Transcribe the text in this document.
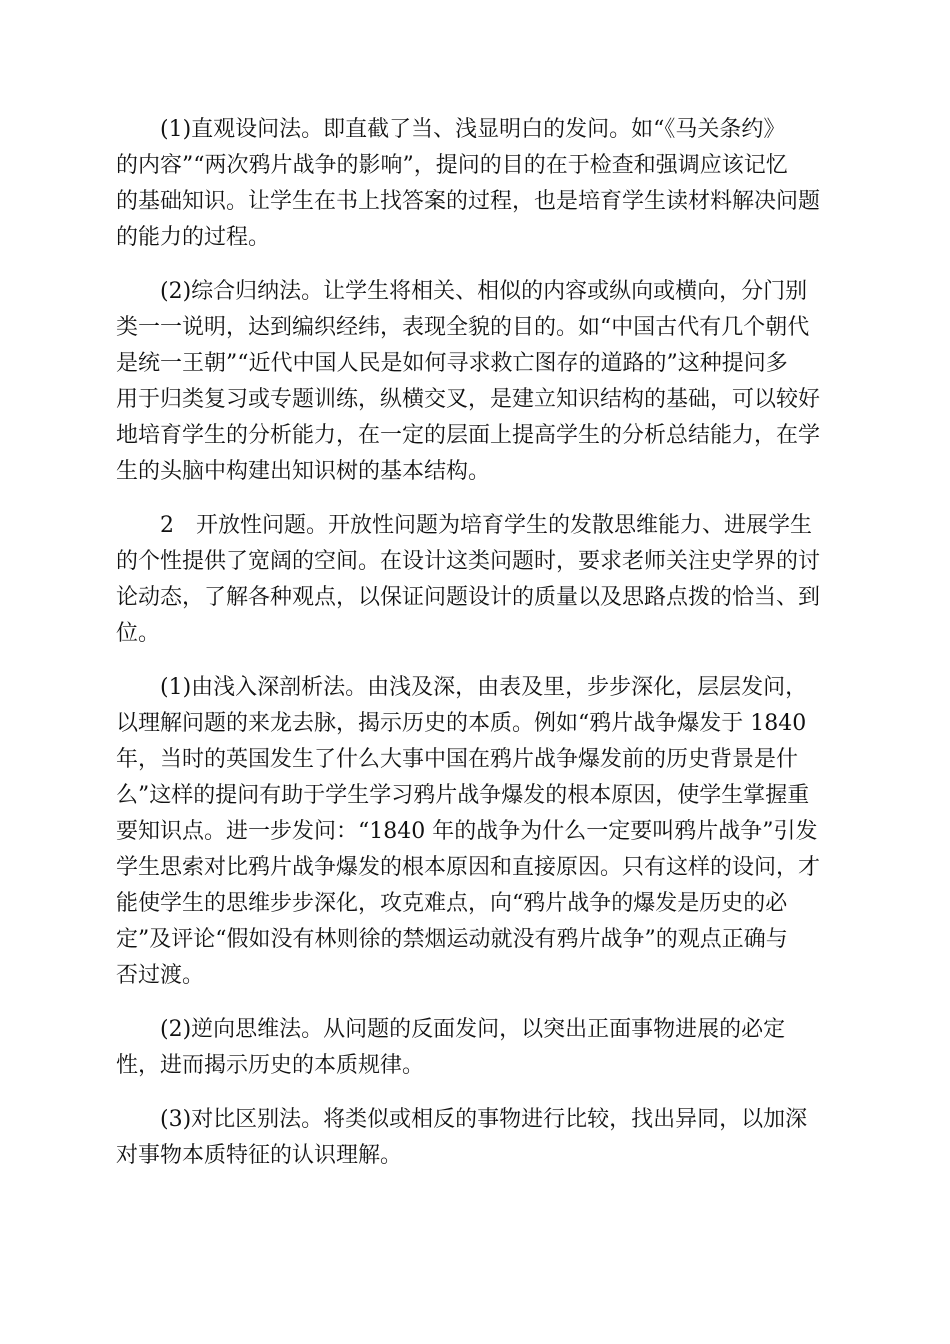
(1)直观设问法。即直截了当、浅显明白的发问。如“《马关条约》
的内容”“两次鸦片战争的影响”，提问的目的在于检查和强调应该记忆
的基础知识。让学生在书上找答案的过程，也是培育学生读材料解决问题
的能力的过程。
(2)综合归纳法。让学生将相关、相似的内容或纵向或横向，分门别
类一一说明，达到编织经纬，表现全貌的目的。如“中国古代有几个朝代
是统一王朝”“近代中国人民是如何寻求救亡图存的道路的”这种提问多
用于归类复习或专题训练，纵横交叉，是建立知识结构的基础，可以较好
地培育学生的分析能力，在一定的层面上提高学生的分析总结能力，在学
生的头脑中构建出知识树的基本结构。
2　开放性问题。开放性问题为培育学生的发散思维能力、进展学生
的个性提供了宽阔的空间。在设计这类问题时，要求老师关注史学界的讨
论动态，了解各种观点，以保证问题设计的质量以及思路点拨的恰当、到
位。
(1)由浅入深剖析法。由浅及深，由表及里，步步深化，层层发问，
以理解问题的来龙去脉，揭示历史的本质。例如“鸦片战争爆发于 1840
年，当时的英国发生了什么大事中国在鸦片战争爆发前的历史背景是什
么”这样的提问有助于学生学习鸦片战争爆发的根本原因，使学生掌握重
要知识点。进一步发问：“1840 年的战争为什么一定要叫鸦片战争”引发
学生思索对比鸦片战争爆发的根本原因和直接原因。只有这样的设问，才
能使学生的思维步步深化，攻克难点，向“鸦片战争的爆发是历史的必
定”及评论“假如没有林则徐的禁烟运动就没有鸦片战争”的观点正确与
否过渡。
(2)逆向思维法。从问题的反面发问，以突出正面事物进展的必定
性，进而揭示历史的本质规律。
(3)对比区别法。将类似或相反的事物进行比较，找出异同，以加深
对事物本质特征的认识理解。
